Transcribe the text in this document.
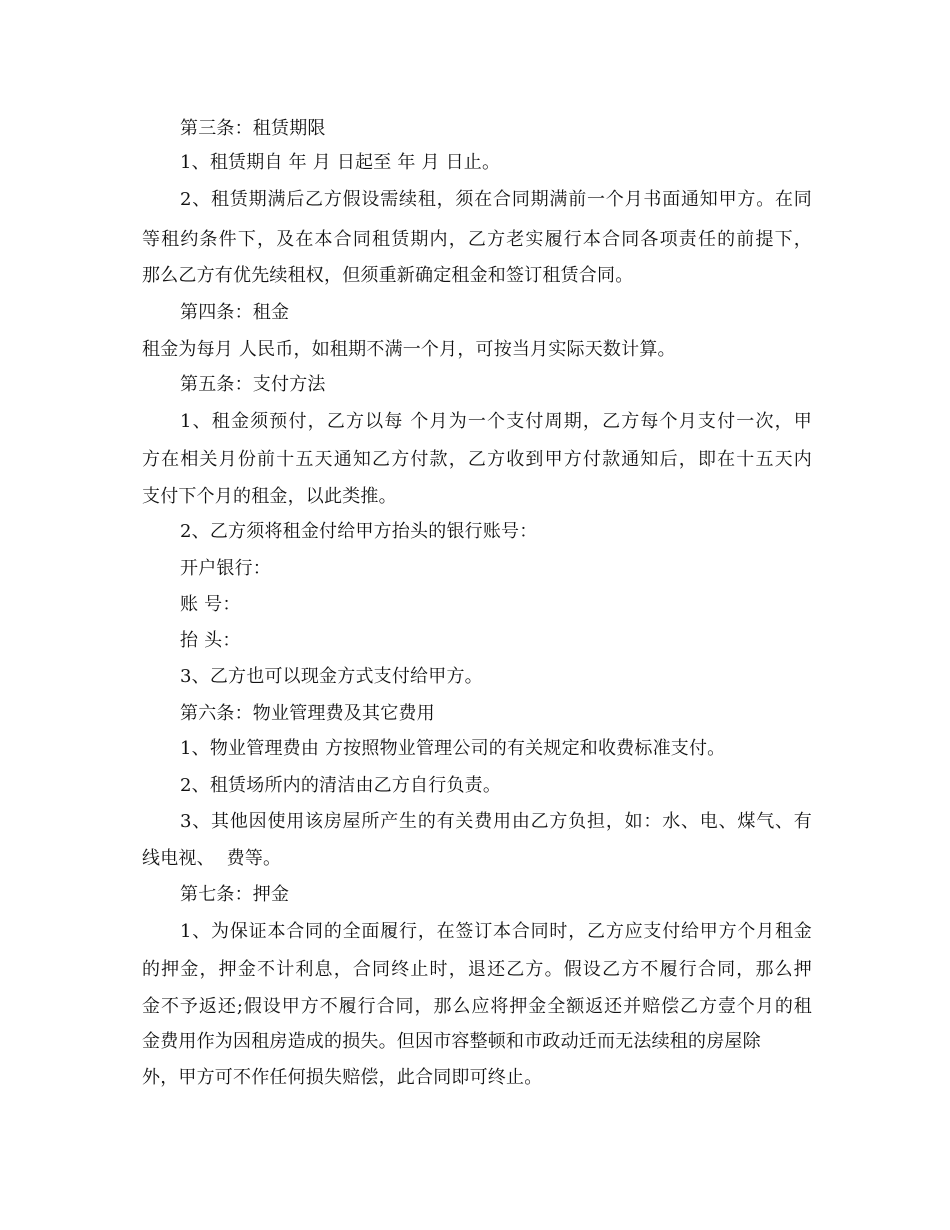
第三条：租赁期限
1、租赁期自 年 月 日起至 年 月 日止。
2、租赁期满后乙方假设需续租，须在合同期满前一个月书面通知甲方。在同
等租约条件下，及在本合同租赁期内，乙方老实履行本合同各项责任的前提下，
那么乙方有优先续租权，但须重新确定租金和签订租赁合同。
第四条：租金
租金为每月 人民币，如租期不满一个月，可按当月实际天数计算。
第五条：支付方法
1、租金须预付，乙方以每 个月为一个支付周期，乙方每个月支付一次，甲
方在相关月份前十五天通知乙方付款，乙方收到甲方付款通知后，即在十五天内
支付下个月的租金，以此类推。
2、乙方须将租金付给甲方抬头的银行账号：
开户银行：
账 号：
抬 头：
3、乙方也可以现金方式支付给甲方。
第六条：物业管理费及其它费用
1、物业管理费由 方按照物业管理公司的有关规定和收费标准支付。
2、租赁场所内的清洁由乙方自行负责。
3、其他因使用该房屋所产生的有关费用由乙方负担，如：水、电、煤气、有
线电视、  费等。
第七条：押金
1、为保证本合同的全面履行，在签订本合同时，乙方应支付给甲方个月租金
的押金，押金不计利息，合同终止时，退还乙方。假设乙方不履行合同，那么押
金不予返还;假设甲方不履行合同，那么应将押金全额返还并赔偿乙方壹个月的租
金费用作为因租房造成的损失。但因市容整顿和市政动迁而无法续租的房屋除
外，甲方可不作任何损失赔偿，此合同即可终止。
